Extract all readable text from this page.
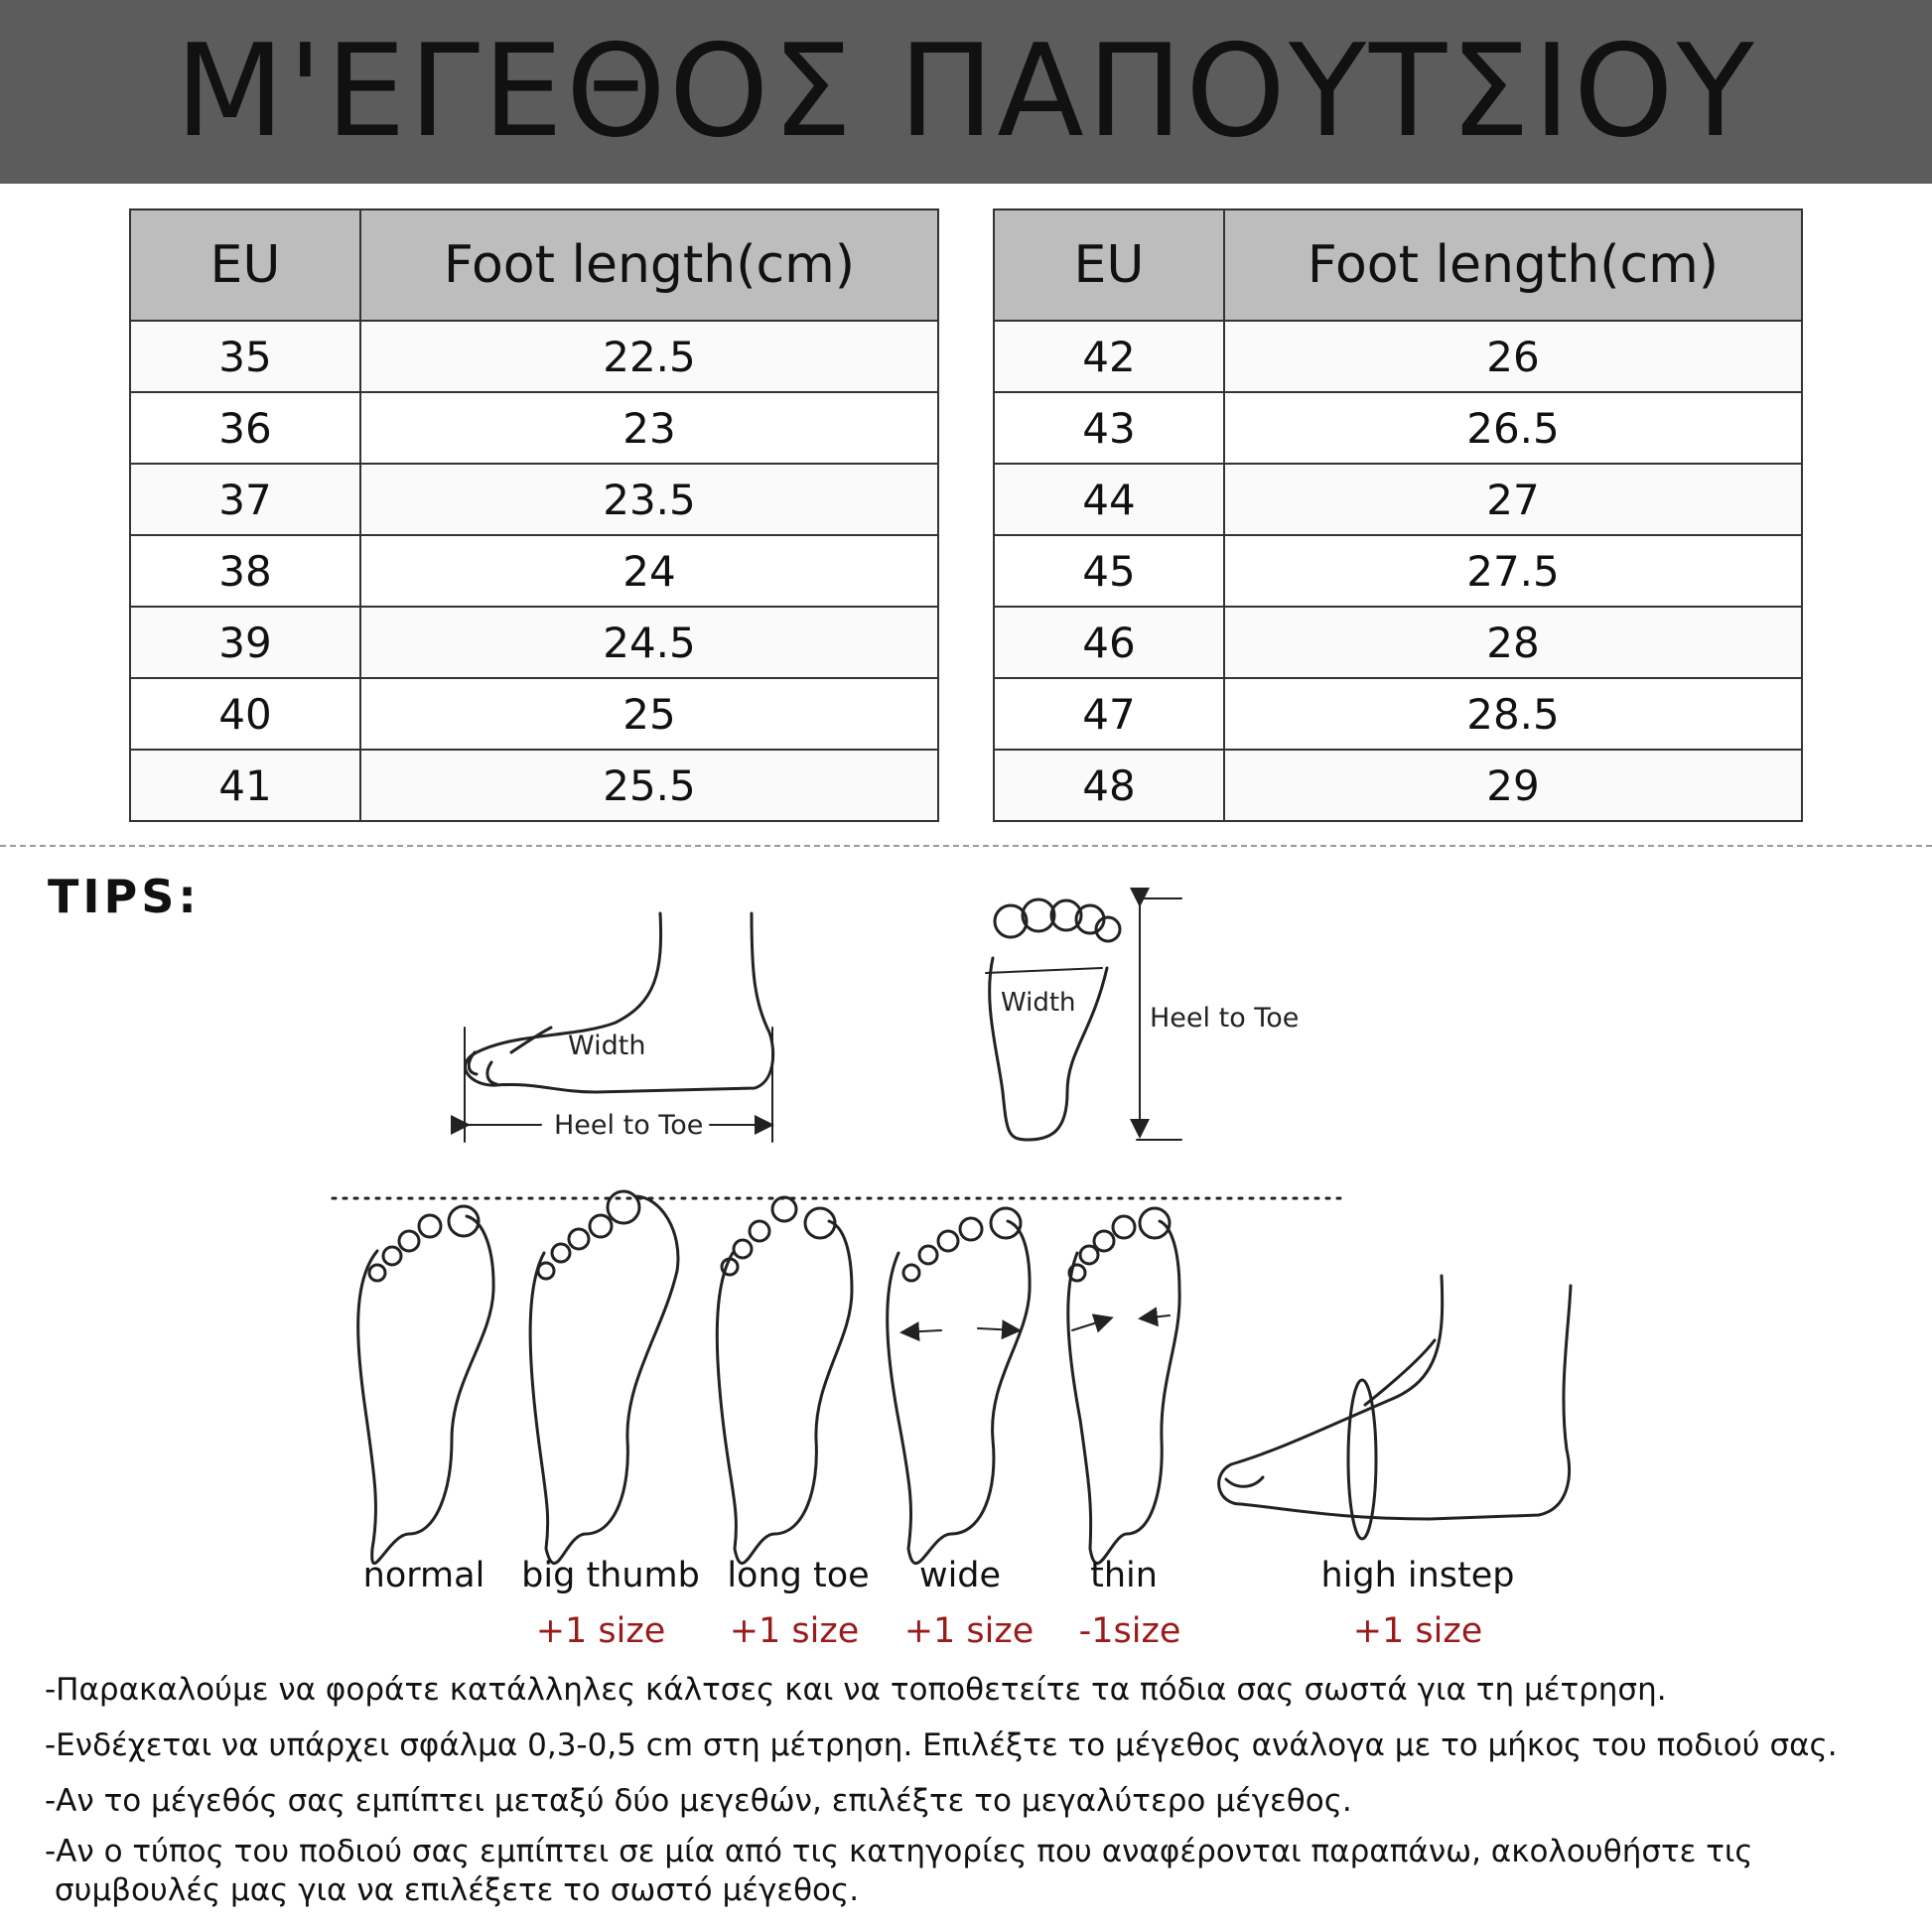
Μ'ΕΓΕΘΟΣ ΠΑΠΟΥΤΣΙΟΥ
EU	Foot length(cm)
35	22.5
36	23
37	23.5
38	24
39	24.5
40	25
41	25.5
EU	Foot length(cm)
42	26
43	26.5
44	27
45	27.5
46	28
47	28.5
48	29
TIPS:
Width
Heel to Toe
Width	Heel to Toe
normal	big thumb
+1 size
long toe
+1 size
wide
+1 size
thin
-1size
high instep
+1 size
-Παρακαλούμε να φοράτε κατάλληλες κάλτσες και να τοποθετείτε τα πόδια σας σωστά για τη μέτρηση.
-Ενδέχεται να υπάρχει σφάλμα 0,3-0,5 cm στη μέτρηση. Επιλέξτε το μέγεθος ανάλογα με το μήκος του ποδιού σας.
-Αν το μέγεθός σας εμπίπτει μεταξύ δύο μεγεθών, επιλέξτε το μεγαλύτερο μέγεθος.
-Αν ο τύπος του ποδιού σας εμπίπτει σε μία από τις κατηγορίες που αναφέρονται παραπάνω, ακολουθήστε τις
συμβουλές μας για να επιλέξετε το σωστό μέγεθος.
